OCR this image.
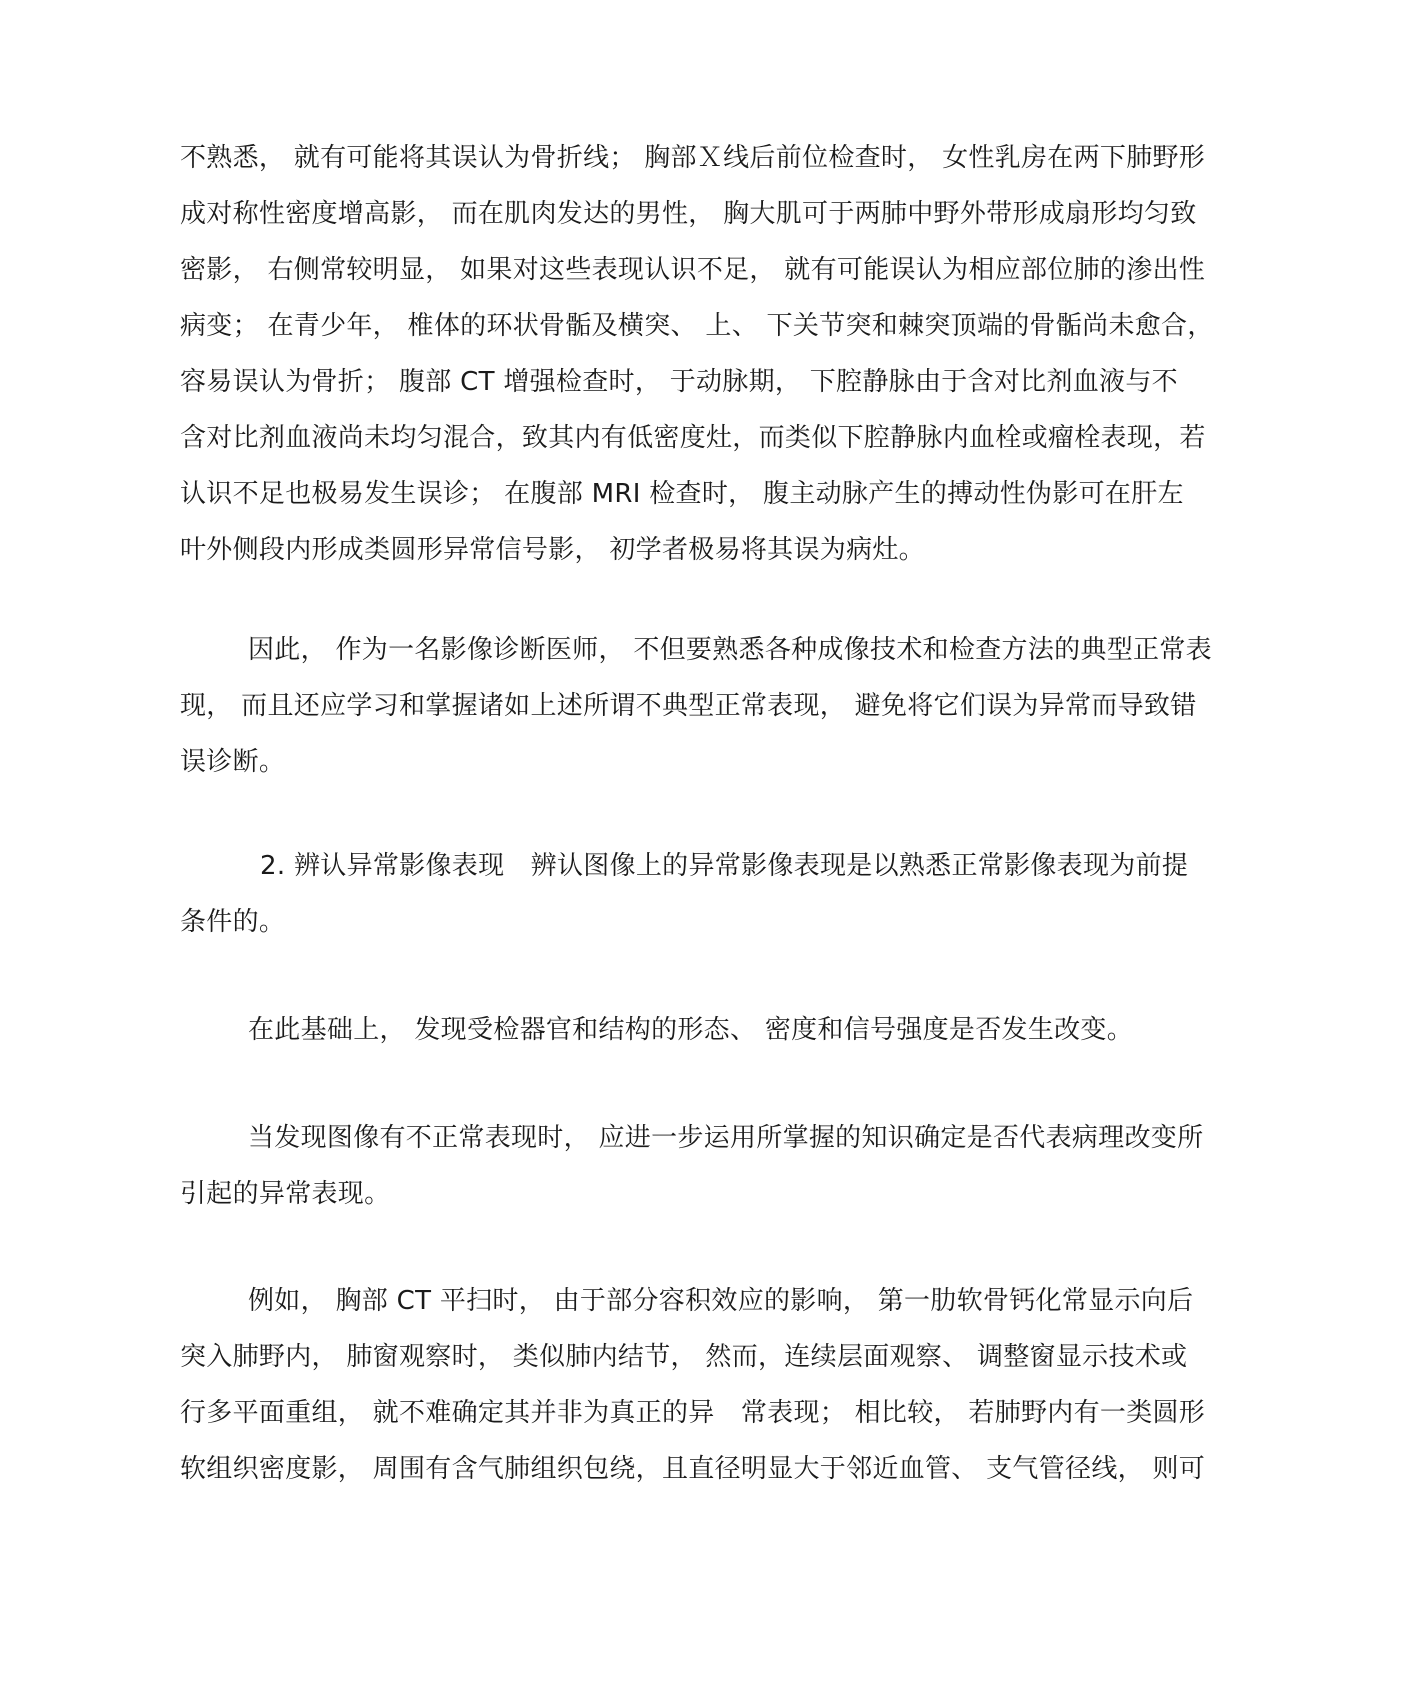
不熟悉， 就有可能将其误认为骨折线； 胸部Ｘ线后前位检查时， 女性乳房在两下肺野形
成对称性密度增高影， 而在肌肉发达的男性， 胸大肌可于两肺中野外带形成扇形均匀致
密影， 右侧常较明显， 如果对这些表现认识不足， 就有可能误认为相应部位肺的渗出性
病变； 在青少年， 椎体的环状骨骺及横突、 上、 下关节突和棘突顶端的骨骺尚未愈合，
容易误认为骨折； 腹部 CT 增强检查时， 于动脉期， 下腔静脉由于含对比剂血液与不
含对比剂血液尚未均匀混合，致其内有低密度灶，而类似下腔静脉内血栓或瘤栓表现，若
认识不足也极易发生误诊； 在腹部 MRI 检查时， 腹主动脉产生的搏动性伪影可在肝左
叶外侧段内形成类圆形异常信号影， 初学者极易将其误为病灶。
因此， 作为一名影像诊断医师， 不但要熟悉各种成像技术和检查方法的典型正常表
现， 而且还应学习和掌握诸如上述所谓不典型正常表现， 避免将它们误为异常而导致错
误诊断。
2. 辨认异常影像表现　辨认图像上的异常影像表现是以熟悉正常影像表现为前提
条件的。
在此基础上， 发现受检器官和结构的形态、 密度和信号强度是否发生改变。
当发现图像有不正常表现时， 应进一步运用所掌握的知识确定是否代表病理改变所
引起的异常表现。
例如， 胸部 CT 平扫时， 由于部分容积效应的影响， 第一肋软骨钙化常显示向后
突入肺野内， 肺窗观察时， 类似肺内结节， 然而，连续层面观察、 调整窗显示技术或
行多平面重组， 就不难确定其并非为真正的异　常表现； 相比较， 若肺野内有一类圆形
软组织密度影， 周围有含气肺组织包绕，且直径明显大于邻近血管、 支气管径线， 则可
